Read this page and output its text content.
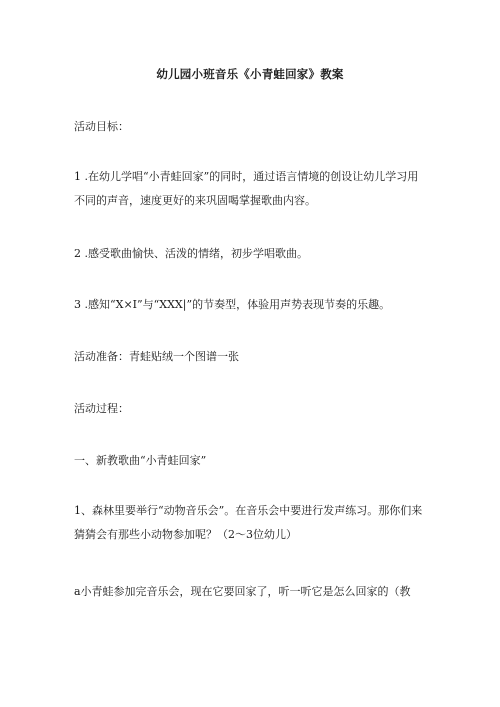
幼儿园小班音乐《小青蛙回家》教案
活动目标：
1 .在幼儿学唱“小青蛙回家”的同时，通过语言情境的创设让幼儿学习用
不同的声音，速度更好的来巩固喝掌握歌曲内容。
2 .感受歌曲愉快、活泼的情绪，初步学唱歌曲。
3 .感知“X×I”与“XXX|”的节奏型，体验用声势表现节奏的乐趣。
活动准备：青蛙贴绒一个图谱一张
活动过程：
一、新教歌曲“小青蛙回家”
1、森林里要举行“动物音乐会”。在音乐会中要进行发声练习。那你们来
猜猜会有那些小动物参加呢？（2～3位幼儿）
a小青蛙参加完音乐会，现在它要回家了，听一听它是怎么回家的（教
